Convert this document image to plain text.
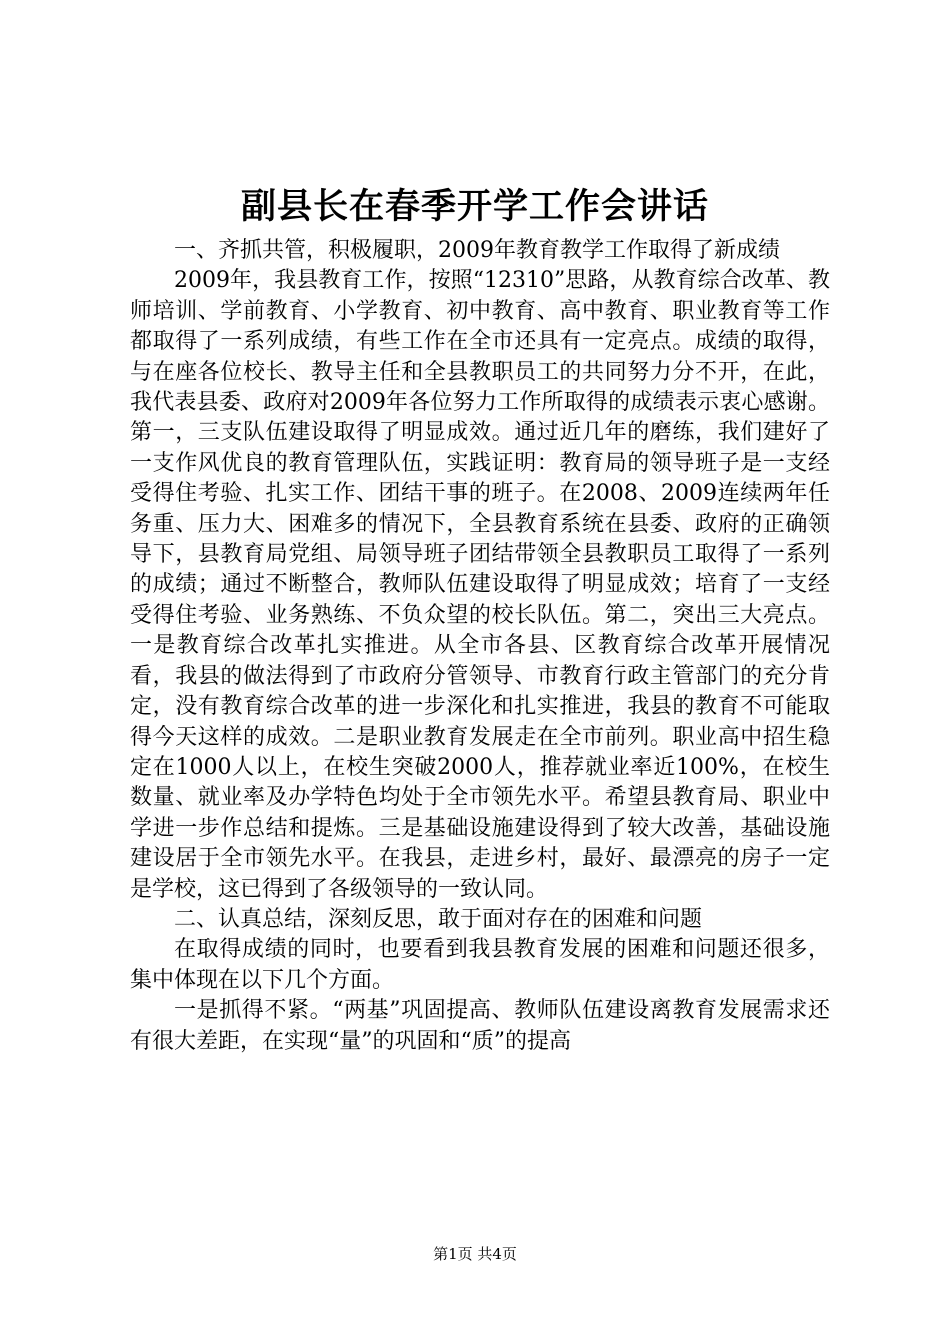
副县长在春季开学工作会讲话

一、齐抓共管，积极履职，2009年教育教学工作取得了新成绩

2009年，我县教育工作，按照“12310”思路，从教育综合改革、教师培训、学前教育、小学教育、初中教育、高中教育、职业教育等工作都取得了一系列成绩，有些工作在全市还具有一定亮点。成绩的取得，与在座各位校长、教导主任和全县教职员工的共同努力分不开，在此，我代表县委、政府对2009年各位努力工作所取得的成绩表示衷心感谢。第一，三支队伍建设取得了明显成效。通过近几年的磨练，我们建好了一支作风优良的教育管理队伍，实践证明：教育局的领导班子是一支经受得住考验、扎实工作、团结干事的班子。在2008、2009连续两年任务重、压力大、困难多的情况下，全县教育系统在县委、政府的正确领导下，县教育局党组、局领导班子团结带领全县教职员工取得了一系列的成绩；通过不断整合，教师队伍建设取得了明显成效；培育了一支经受得住考验、业务熟练、不负众望的校长队伍。第二，突出三大亮点。一是教育综合改革扎实推进。从全市各县、区教育综合改革开展情况看，我县的做法得到了市政府分管领导、市教育行政主管部门的充分肯定，没有教育综合改革的进一步深化和扎实推进，我县的教育不可能取得今天这样的成效。二是职业教育发展走在全市前列。职业高中招生稳定在1000人以上，在校生突破2000人，推荐就业率近100%，在校生数量、就业率及办学特色均处于全市领先水平。希望县教育局、职业中学进一步作总结和提炼。三是基础设施建设得到了较大改善，基础设施建设居于全市领先水平。在我县，走进乡村，最好、最漂亮的房子一定是学校，这已得到了各级领导的一致认同。

二、认真总结，深刻反思，敢于面对存在的困难和问题

在取得成绩的同时，也要看到我县教育发展的困难和问题还很多，集中体现在以下几个方面。

一是抓得不紧。“两基”巩固提高、教师队伍建设离教育发展需求还有很大差距，在实现“量”的巩固和“质”的提高

第1页 共4页
